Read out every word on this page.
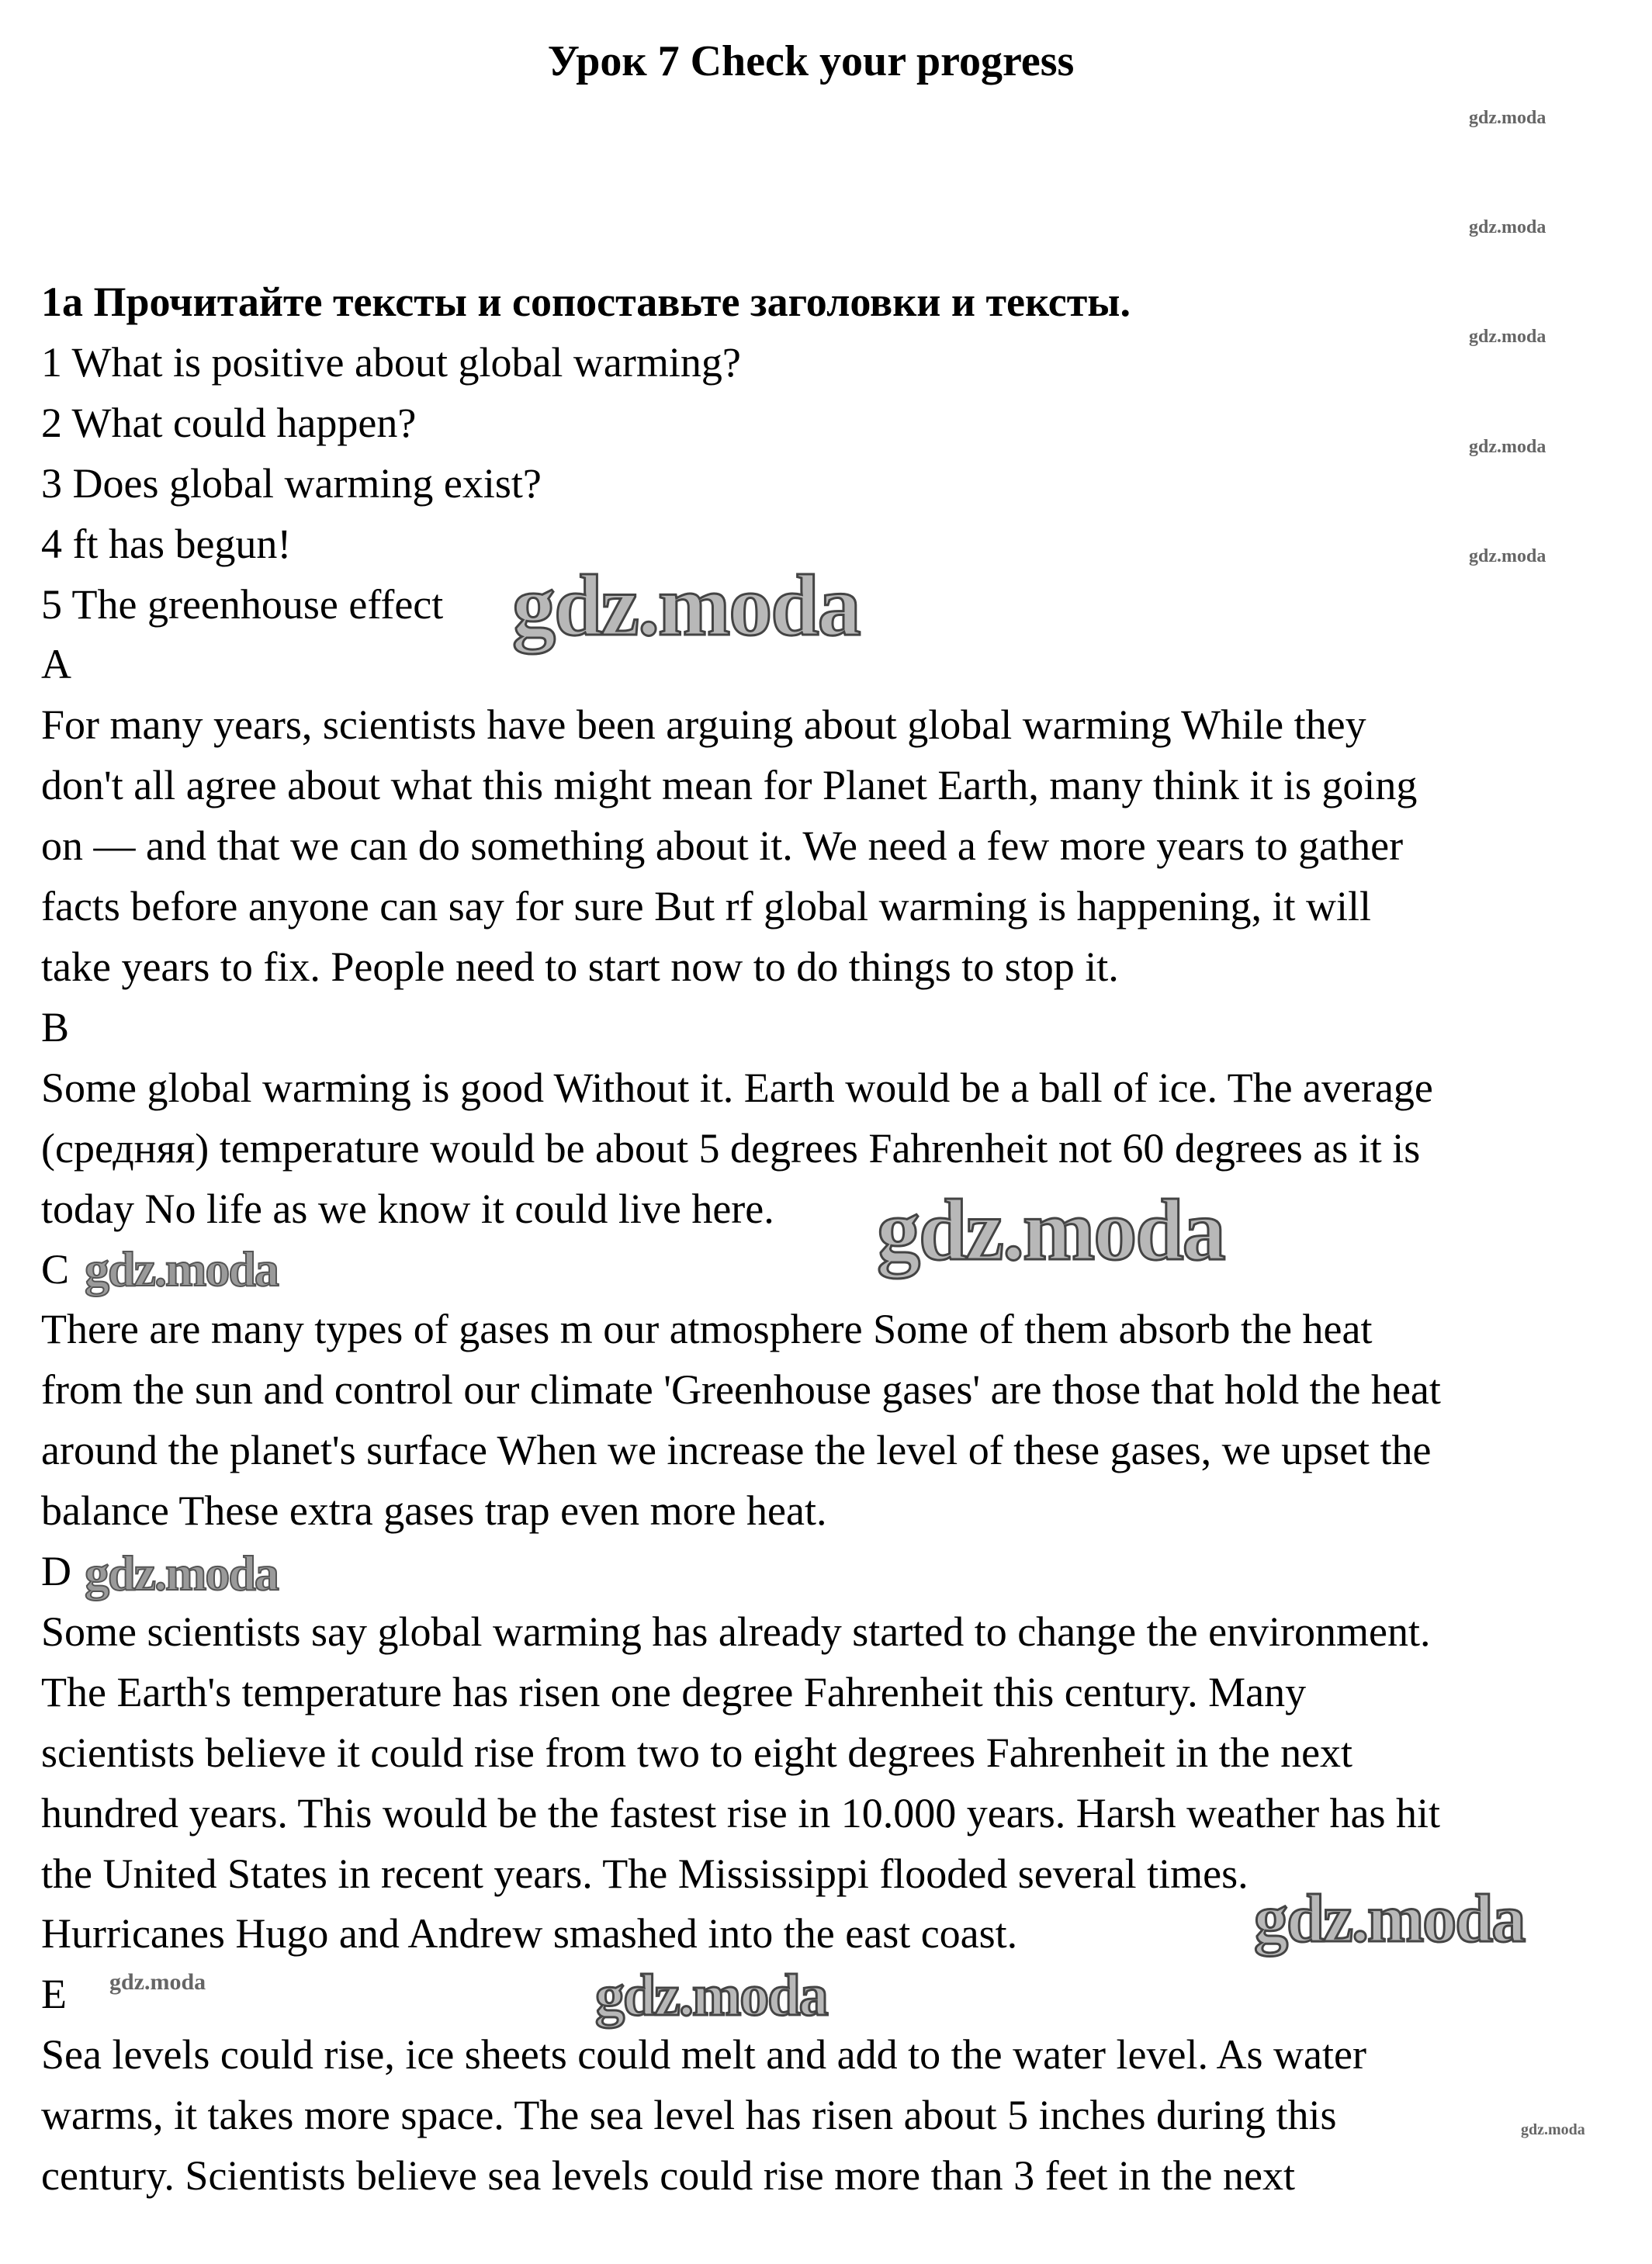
Урок 7 Check your progress
1a Прочитайте тексты и сопоставьте заголовки и тексты.
1 What is positive about global warming?
2 What could happen?
3 Does global warming exist?
4 ft has begun!
5 The greenhouse effect
A
For many years, scientists have been arguing about global warming While they
don't all agree about what this might mean for Planet Earth, many think it is going
on — and that we can do something about it. We need a few more years to gather
facts before anyone can say for sure But rf global warming is happening, it will
take years to fix. People need to start now to do things to stop it.
B
Some global warming is good Without it. Earth would be a ball of ice. The average
(средняя) temperature would be about 5 degrees Fahrenheit not 60 degrees as it is
today No life as we know it could live here.
C
There are many types of gases m our atmosphere Some of them absorb the heat
from the sun and control our climate 'Greenhouse gases' are those that hold the heat
around the planet's surface When we increase the level of these gases, we upset the
balance These extra gases trap even more heat.
D
Some scientists say global warming has already started to change the environment.
The Earth's temperature has risen one degree Fahrenheit this century. Many
scientists believe it could rise from two to eight degrees Fahrenheit in the next
hundred years. This would be the fastest rise in 10.000 years. Harsh weather has hit
the United States in recent years. The Mississippi flooded several times.
Hurricanes Hugo and Andrew smashed into the east coast.
E
Sea levels could rise, ice sheets could melt and add to the water level. As water
warms, it takes more space. The sea level has risen about 5 inches during this
century. Scientists believe sea levels could rise more than 3 feet in the next
gdz.moda
gdz.moda
gdz.moda
gdz.moda
gdz.moda
gdz.moda
gdz.moda
gdz.moda
gdz.moda
gdz.moda
gdz.moda
gdz.moda
gdz.moda
